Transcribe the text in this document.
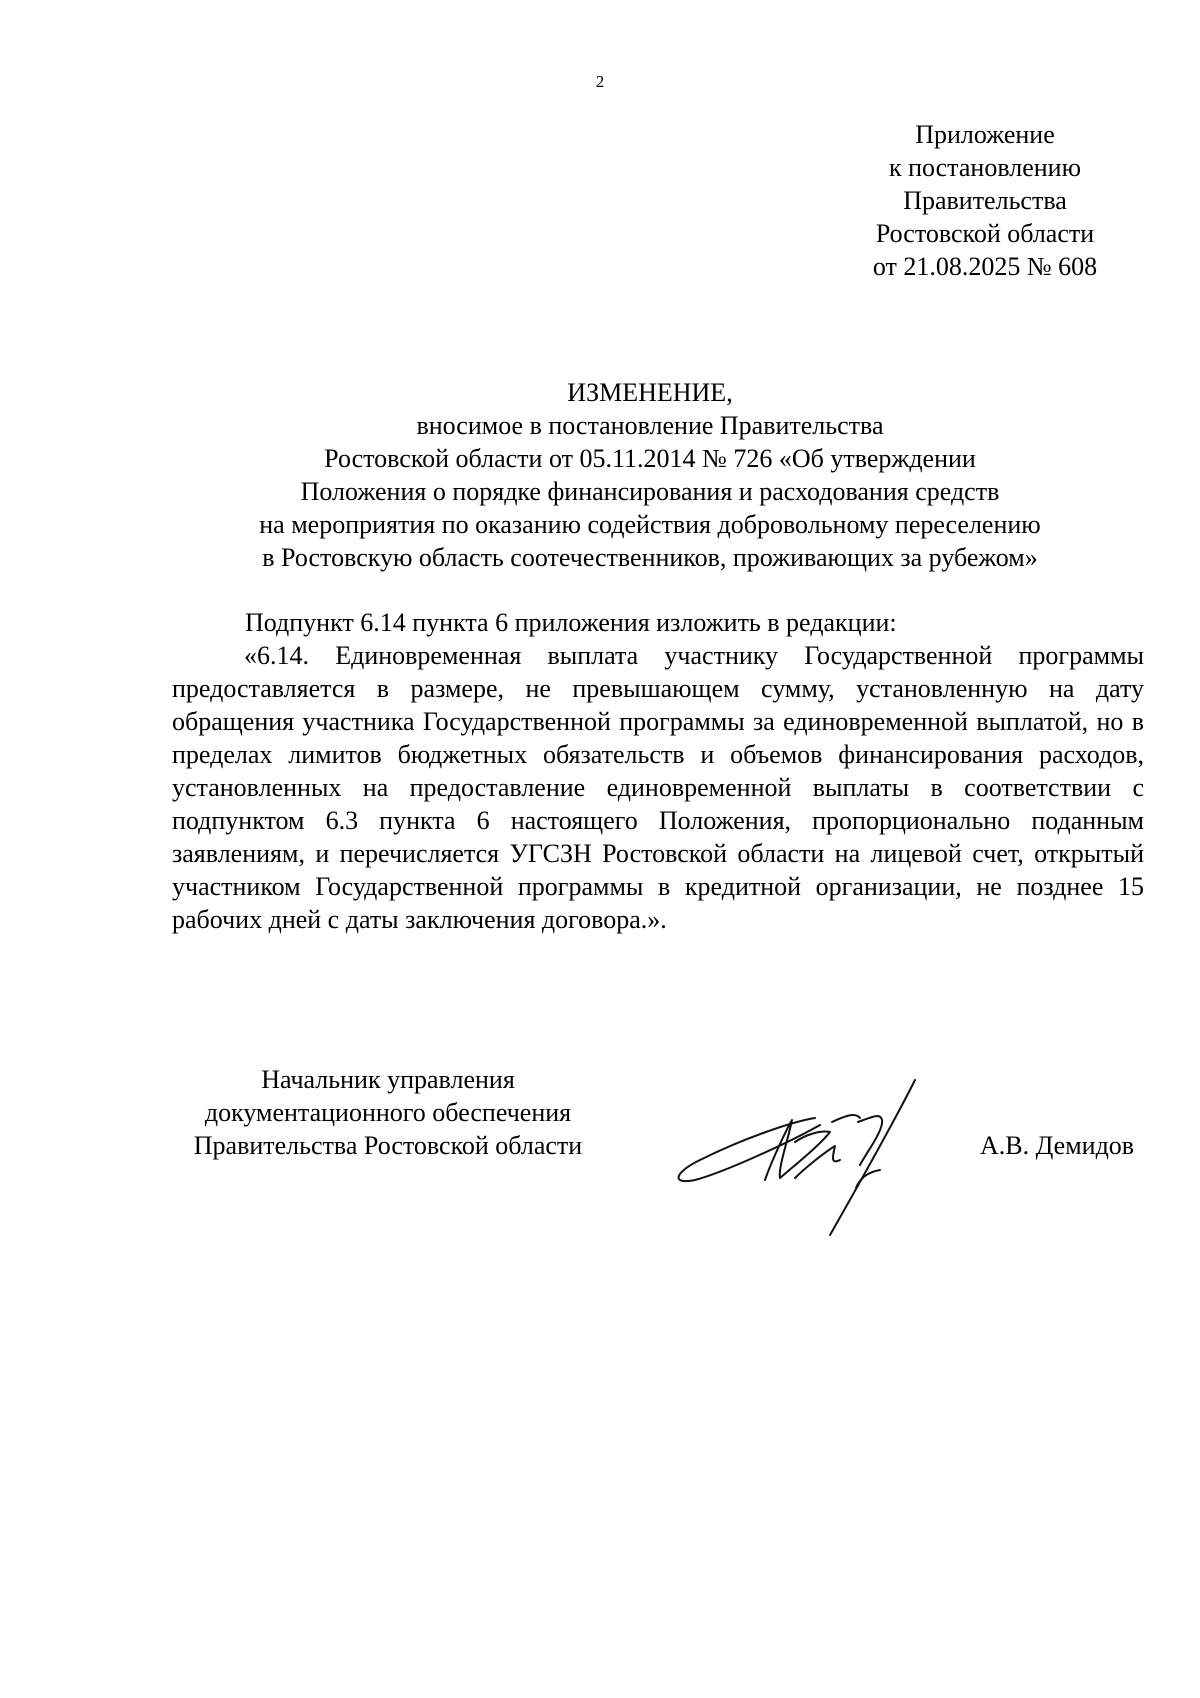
2
Приложение
к постановлению
Правительства
Ростовской области
от 21.08.2025 № 608
ИЗМЕНЕНИЕ,
вносимое в постановление Правительства
Ростовской области от 05.11.2014 № 726 «Об утверждении
Положения о порядке финансирования и расходования средств
на мероприятия по оказанию содействия добровольному переселению
в Ростовскую область соотечественников, проживающих за рубежом»
Подпункт 6.14 пункта 6 приложения изложить в редакции:

«6.14. Единовременная выплата участнику Государственной программы предоставляется в размере, не превышающем сумму, установленную на дату обращения участника Государственной программы за единовременной выплатой, но в пределах лимитов бюджетных обязательств и объемов финансирования расходов, установленных на предоставление единовременной выплаты в соответствии с подпунктом 6.3 пункта 6 настоящего Положения, пропорционально поданным заявлениям, и перечисляется УГСЗН Ростовской области на лицевой счет, открытый участником Государственной программы в кредитной организации, не позднее 15 рабочих дней с даты заключения договора.».

Начальник управления
документационного обеспечения
Правительства Ростовской области	А.В. Демидов
